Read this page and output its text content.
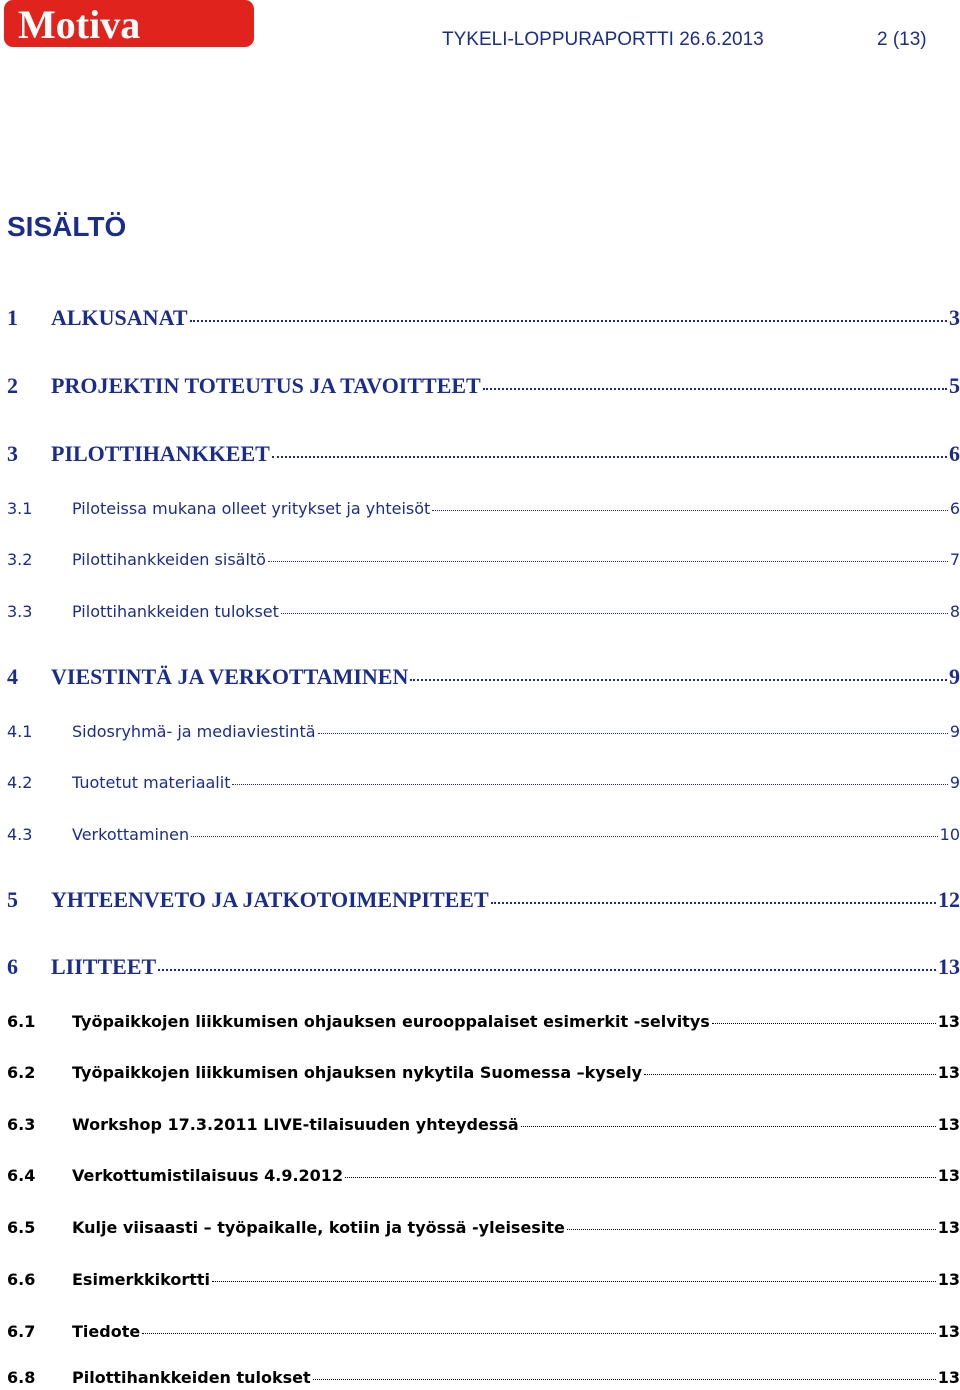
Motiva	TYKELI-LOPPURAPORTTI 26.6.2013	2 (13)
SISÄLTÖ
1	ALKUSANAT	3
2	PROJEKTIN TOTEUTUS JA TAVOITTEET	5
3	PILOTTIHANKKEET	6
3.1	Piloteissa mukana olleet yritykset ja yhteisöt	6
3.2	Pilottihankkeiden sisältö	7
3.3	Pilottihankkeiden tulokset	8
4	VIESTINTÄ JA VERKOTTAMINEN	9
4.1	Sidosryhmä- ja mediaviestintä	9
4.2	Tuotetut materiaalit	9
4.3	Verkottaminen	10
5	YHTEENVETO JA JATKOTOIMENPITEET	12
6	LIITTEET	13
6.1	Työpaikkojen liikkumisen ohjauksen eurooppalaiset esimerkit -selvitys	13
6.2	Työpaikkojen liikkumisen ohjauksen nykytila Suomessa –kysely	13
6.3	Workshop 17.3.2011 LIVE-tilaisuuden yhteydessä	13
6.4	Verkottumistilaisuus 4.9.2012	13
6.5	Kulje viisaasti – työpaikalle, kotiin ja työssä -yleisesite	13
6.6	Esimerkkikortti	13
6.7	Tiedote	13
6.8	Pilottihankkeiden tulokset	13
